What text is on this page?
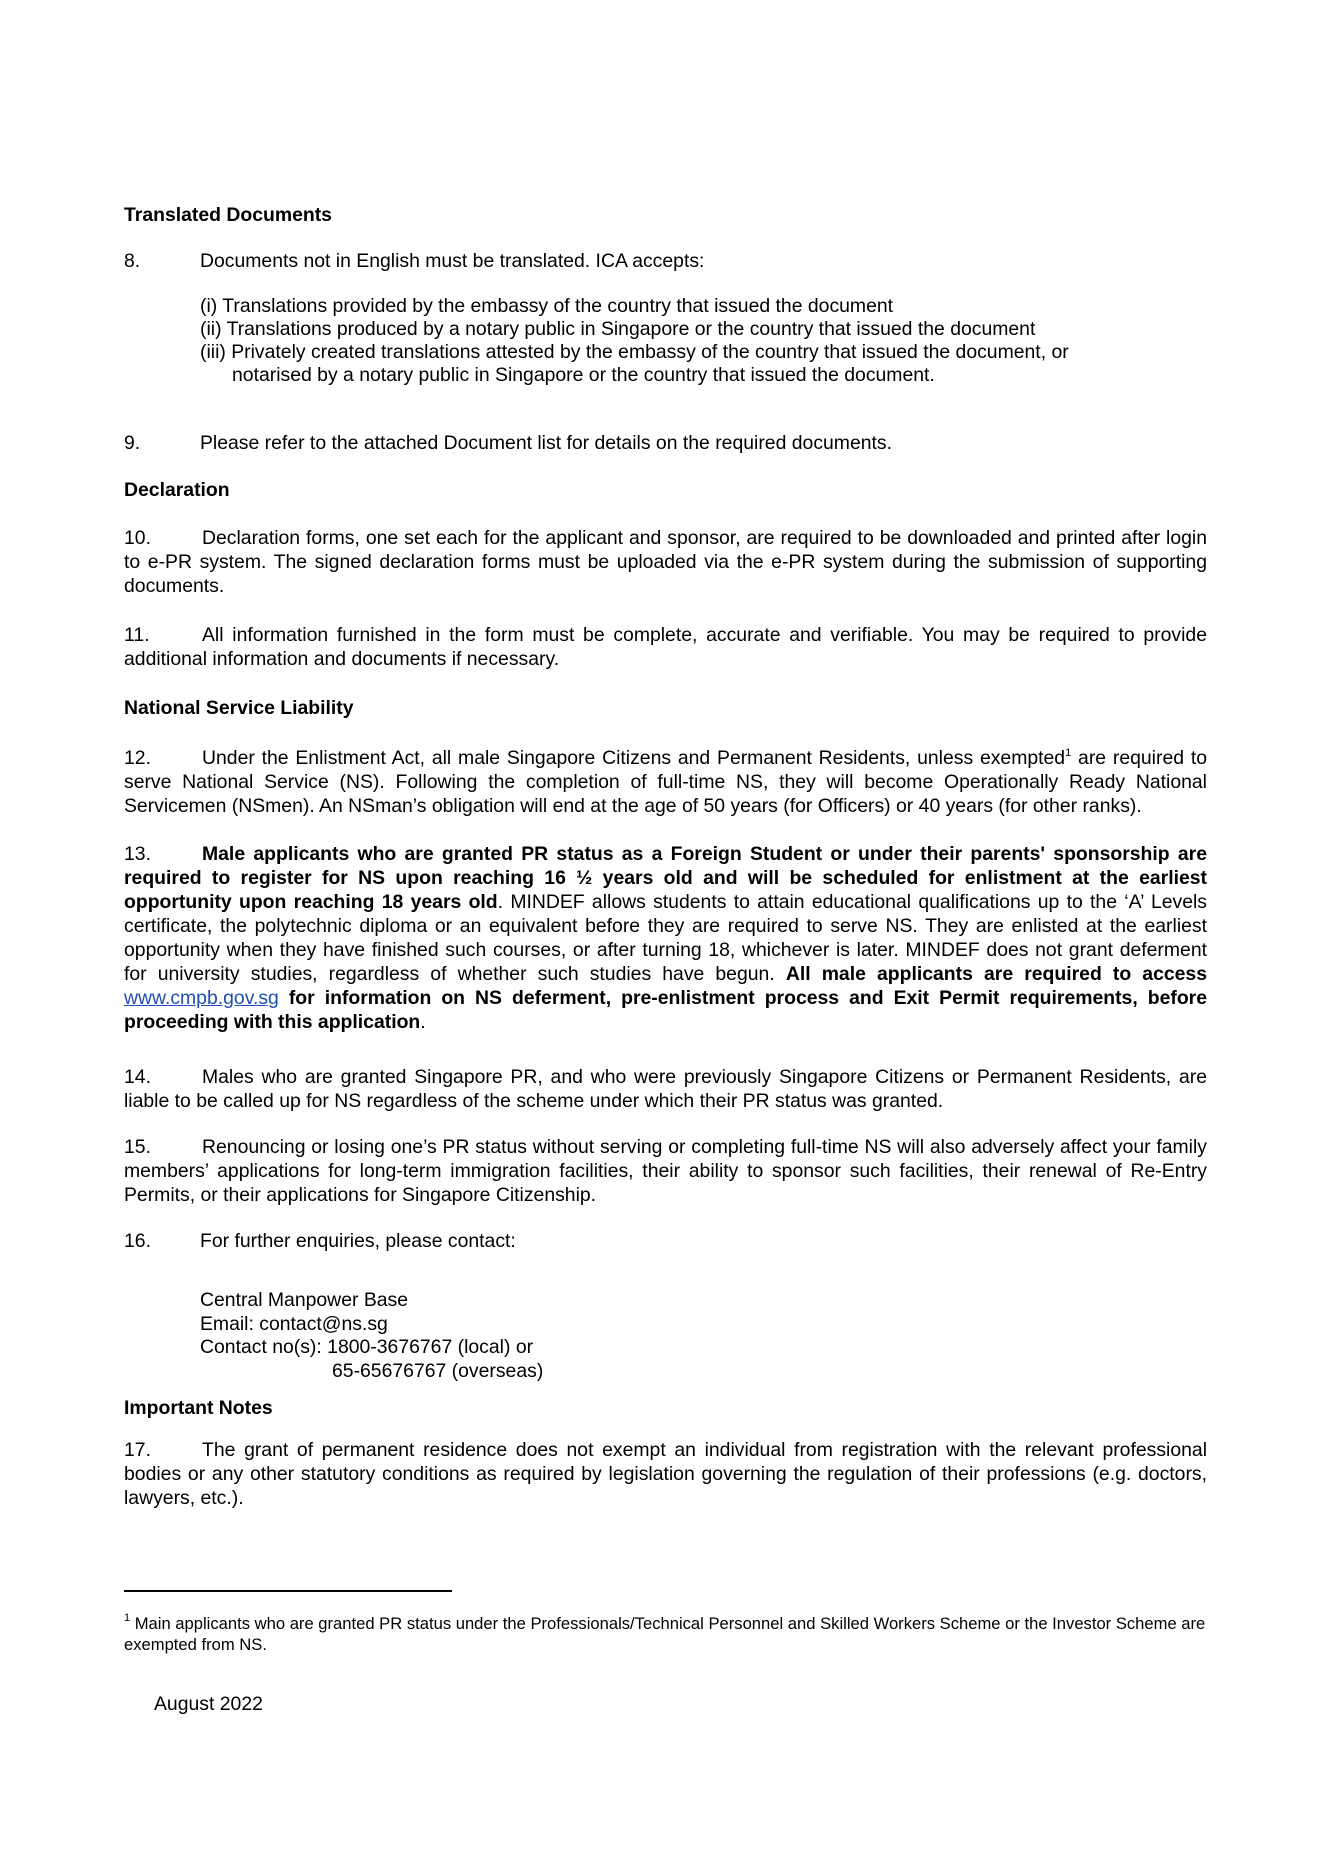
Translated Documents
8.	Documents not in English must be translated. ICA accepts:
(i) Translations provided by the embassy of the country that issued the document
(ii) Translations produced by a notary public in Singapore or the country that issued the document
(iii) Privately created translations attested by the embassy of the country that issued the document, or
notarised by a notary public in Singapore or the country that issued the document.
9.	Please refer to the attached Document list for details on the required documents.
Declaration
10.	Declaration forms, one set each for the applicant and sponsor, are required to be downloaded and printed after login to e-PR system. The signed declaration forms must be uploaded via the e-PR system during the submission of supporting documents.
11.	All information furnished in the form must be complete, accurate and verifiable. You may be required to provide additional information and documents if necessary.
National Service Liability
12.	Under the Enlistment Act, all male Singapore Citizens and Permanent Residents, unless exempted$^1$ are required to serve National Service (NS). Following the completion of full-time NS, they will become Operationally Ready National Servicemen (NSmen). An NSman’s obligation will end at the age of 50 years (for Officers) or 40 years (for other ranks).
13.	Male applicants who are granted PR status as a Foreign Student or under their parents' sponsorship are required to register for NS upon reaching 16 ½ years old and will be scheduled for enlistment at the earliest opportunity upon reaching 18 years old. MINDEF allows students to attain educational qualifications up to the ‘A’ Levels certificate, the polytechnic diploma or an equivalent before they are required to serve NS. They are enlisted at the earliest opportunity when they have finished such courses, or after turning 18, whichever is later. MINDEF does not grant deferment for university studies, regardless of whether such studies have begun. All male applicants are required to access www.cmpb.gov.sg for information on NS deferment, pre-enlistment process and Exit Permit requirements, before proceeding with this application.
14.	Males who are granted Singapore PR, and who were previously Singapore Citizens or Permanent Residents, are liable to be called up for NS regardless of the scheme under which their PR status was granted.
15.	Renouncing or losing one’s PR status without serving or completing full-time NS will also adversely affect your family members’ applications for long-term immigration facilities, their ability to sponsor such facilities, their renewal of Re-Entry Permits, or their applications for Singapore Citizenship.
16.	For further enquiries, please contact:
Central Manpower Base
Email: contact@ns.sg
Contact no(s): 1800-3676767 (local) or
65-65676767 (overseas)
Important Notes
17.	The grant of permanent residence does not exempt an individual from registration with the relevant professional bodies or any other statutory conditions as required by legislation governing the regulation of their professions (e.g. doctors, lawyers, etc.).
$^1$ Main applicants who are granted PR status under the Professionals/Technical Personnel and Skilled Workers Scheme or the Investor Scheme are exempted from NS.
August 2022
